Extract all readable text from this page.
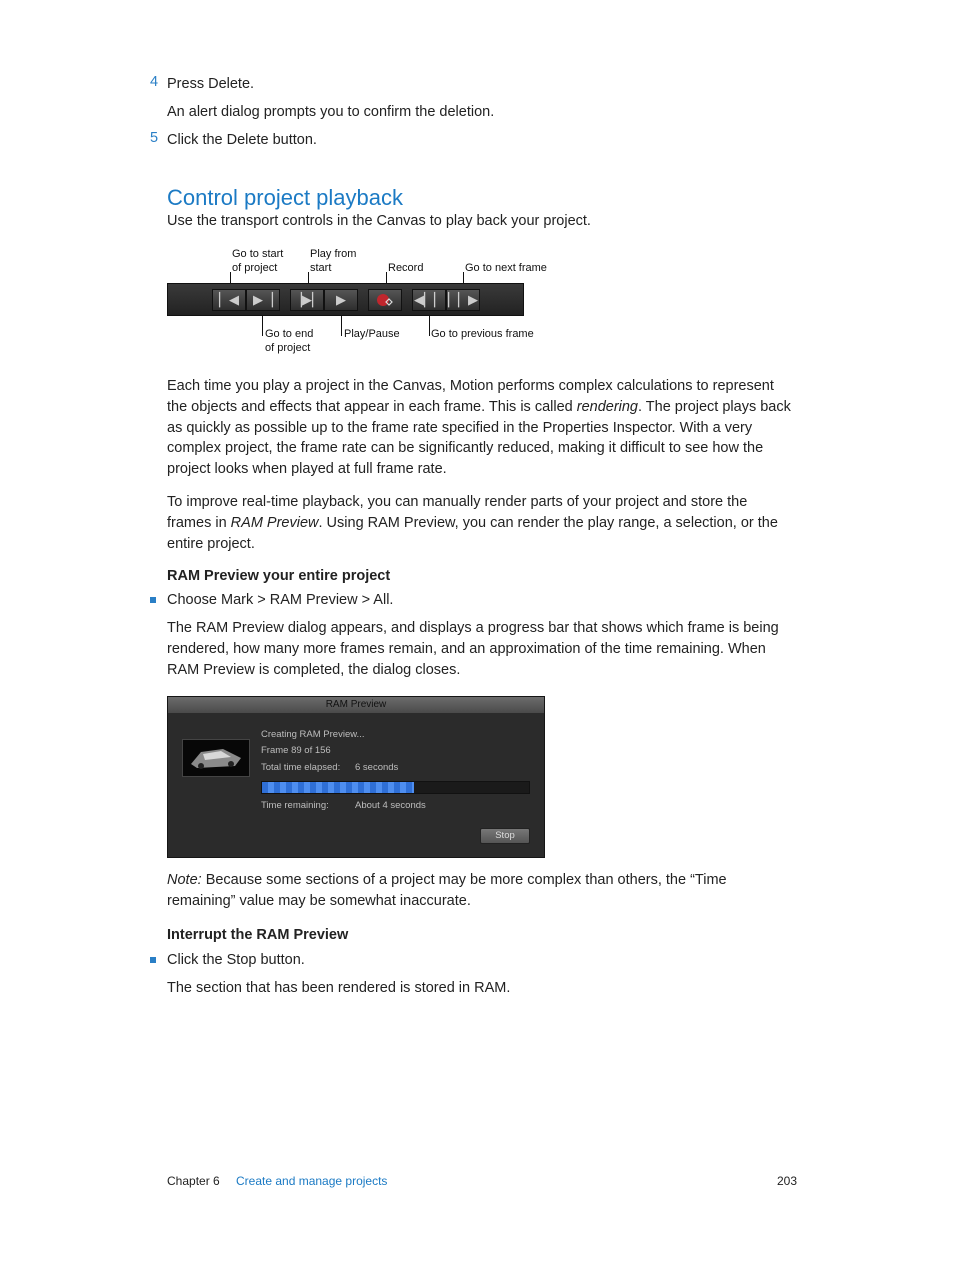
4 Press Delete.
An alert dialog prompts you to confirm the deletion.
5 Click the Delete button.
Control project playback
Use the transport controls in the Canvas to play back your project.
Go to start
of project
Play from
start	Record	Go to next frame
▏◀	▶▕	▕▶▏	▶	◀▏▏ ▏▏▶
Go to end
of project
Play/Pause	Go to previous frame
Each time you play a project in the Canvas, Motion performs complex calculations to represent the objects and effects that appear in each frame. This is called rendering. The project plays back as quickly as possible up to the frame rate specified in the Properties Inspector. With a very complex project, the frame rate can be significantly reduced, making it difficult to see how the project looks when played at full frame rate.
To improve real-time playback, you can manually render parts of your project and store the frames in RAM Preview. Using RAM Preview, you can render the play range, a selection, or the entire project.
RAM Preview your entire project
Choose Mark > RAM Preview > All.
The RAM Preview dialog appears, and displays a progress bar that shows which frame is being rendered, how many more frames remain, and an approximation of the time remaining. When RAM Preview is completed, the dialog closes.
RAM Preview
Creating RAM Preview...
Frame 89 of 156
Total time elapsed: 6 seconds
Time remaining:	About 4 seconds
Stop
Note: Because some sections of a project may be more complex than others, the “Time remaining” value may be somewhat inaccurate.
Interrupt the RAM Preview
Click the Stop button.
The section that has been rendered is stored in RAM.
Chapter 6 Create and manage projects	203
